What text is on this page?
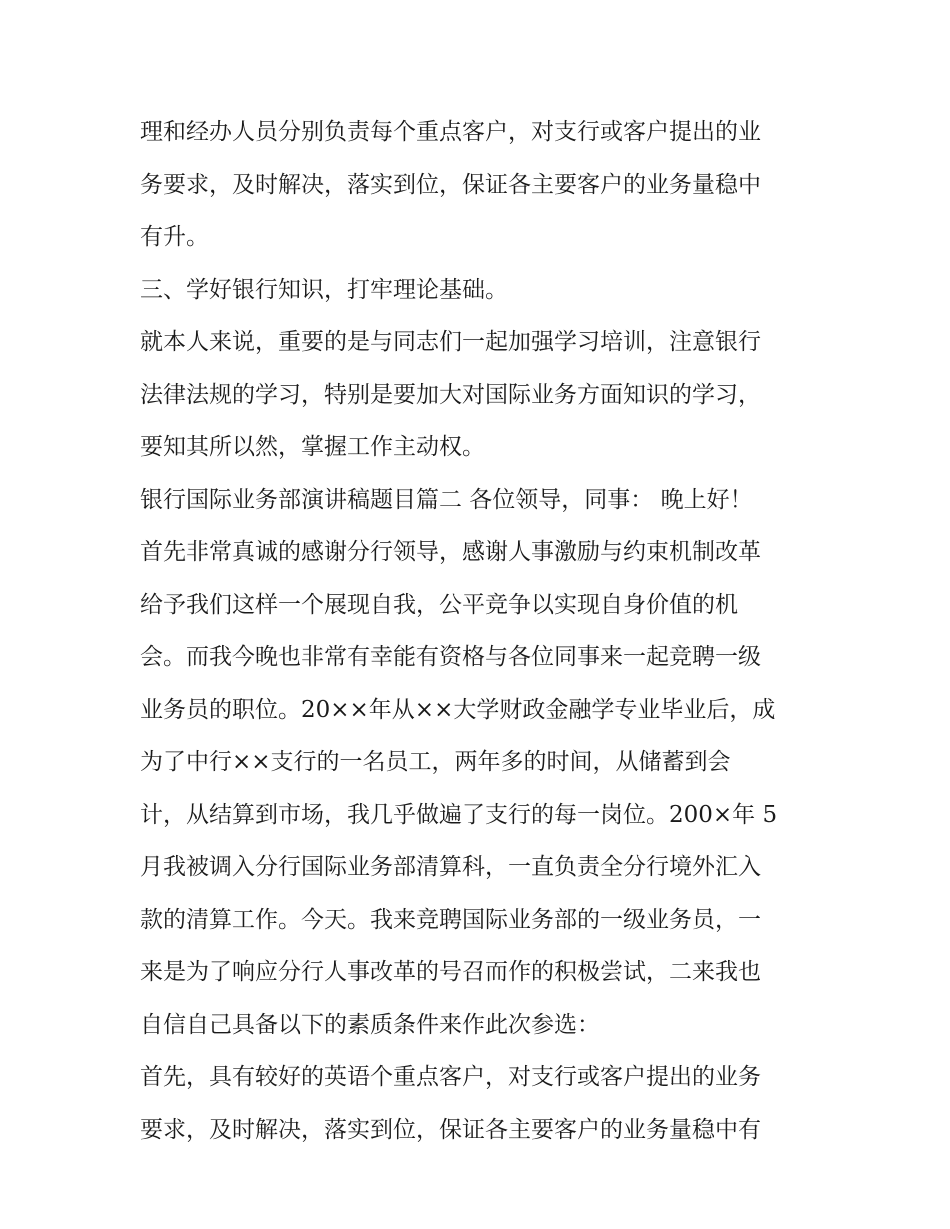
理和经办人员分别负责每个重点客户，对支行或客户提出的业
务要求，及时解决，落实到位，保证各主要客户的业务量稳中
有升。
三、学好银行知识，打牢理论基础。
就本人来说，重要的是与同志们一起加强学习培训，注意银行
法律法规的学习，特别是要加大对国际业务方面知识的学习，
要知其所以然，掌握工作主动权。
银行国际业务部演讲稿题目篇二 各位领导，同事： 晚上好！
首先非常真诚的感谢分行领导，感谢人事激励与约束机制改革
给予我们这样一个展现自我，公平竞争以实现自身价值的机
会。而我今晚也非常有幸能有资格与各位同事来一起竞聘一级
业务员的职位。20××年从××大学财政金融学专业毕业后，成
为了中行××支行的一名员工，两年多的时间，从储蓄到会
计，从结算到市场，我几乎做遍了支行的每一岗位。200×年 5
月我被调入分行国际业务部清算科，一直负责全分行境外汇入
款的清算工作。今天。我来竞聘国际业务部的一级业务员，一
来是为了响应分行人事改革的号召而作的积极尝试，二来我也
自信自己具备以下的素质条件来作此次参选：
首先，具有较好的英语个重点客户，对支行或客户提出的业务
要求，及时解决，落实到位，保证各主要客户的业务量稳中有
